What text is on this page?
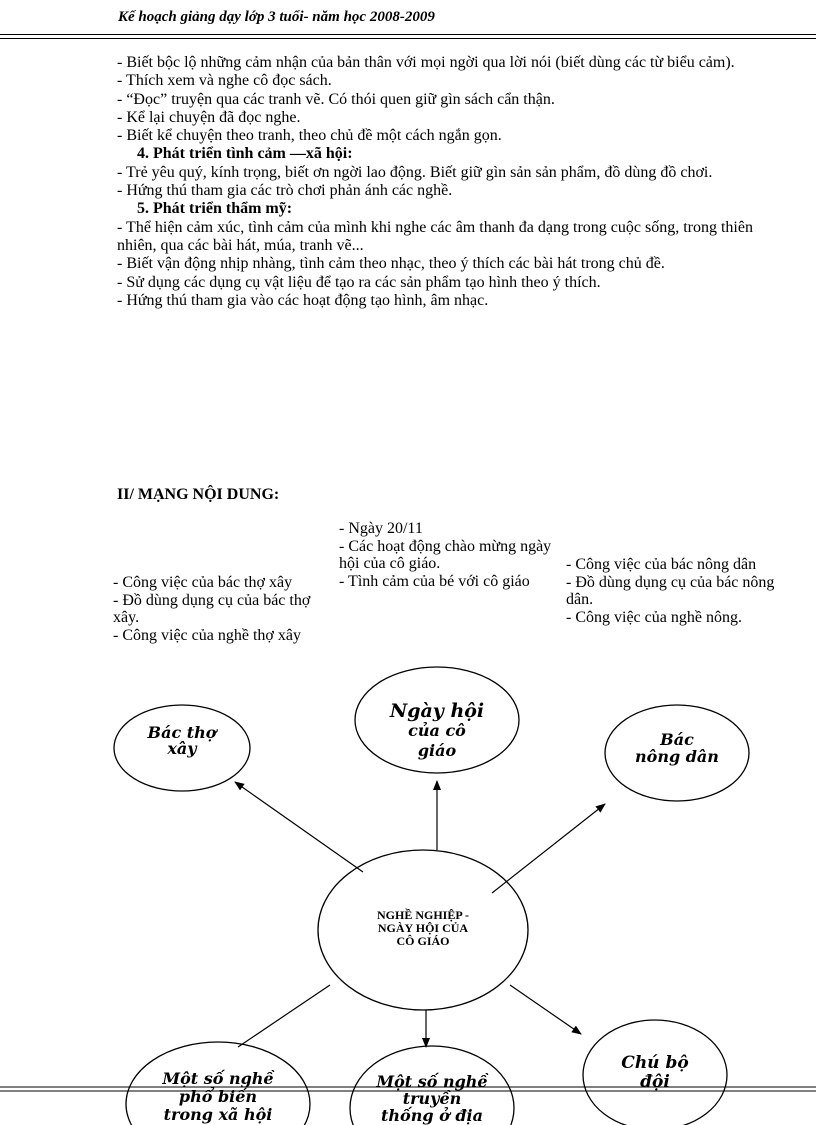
Kế hoạch giảng dạy lớp 3 tuổi- năm học 2008-2009
- Biết bộc lộ những cảm nhận của bản thân với mọi ngời qua lời nói (biết dùng các từ biểu cảm).
- Thích xem và nghe cô đọc sách.
- “Đọc” truyện qua các tranh vẽ. Có thói quen giữ gìn sách cẩn thận.
- Kể lại chuyện đã đọc nghe.
- Biết kể chuyện theo tranh, theo chủ đề một cách ngắn gọn.
4. Phát triển tình cảm —xã hội:
- Trẻ yêu quý, kính trọng, biết ơn ngời lao động. Biết giữ gìn sản sản phẩm, đồ dùng đồ chơi.
- Hứng thú tham gia các trò chơi phản ánh các nghề.
5. Phát triển thẩm mỹ:
- Thể hiện cảm xúc, tình cảm của mình khi nghe các âm thanh đa dạng trong cuộc sống, trong thiên nhiên, qua các bài hát, múa, tranh vẽ...
- Biết vận động nhịp nhàng, tình cảm theo nhạc, theo ý thích các bài hát trong chủ đề.
- Sử dụng các dụng cụ vật liệu để tạo ra các sản phẩm tạo hình theo ý thích.
- Hứng thú tham gia vào các hoạt động tạo hình, âm nhạc.
II/ MẠNG NỘI DUNG:
- Ngày 20/11
- Các hoạt động chào mừng ngày hội của cô giáo.
- Tình cảm của bé với cô giáo
- Công việc của bác thợ xây
- Đồ dùng dụng cụ của bác thợ xây.
- Công việc của nghề thợ xây
- Công việc của bác nông dân
- Đồ dùng dụng cụ của bác nông dân.
- Công việc của nghề nông.
Bác thợ
xây
Ngày hội
của cô
giáo
Bác
nông dân
NGHỀ NGHIỆP -
NGÀY HỘI CỦA
CÔ GIÁO
Một số nghề
phổ biến
trong xã hội
Một số nghề
truyền
thống ở địa
Chú bộ
đội
